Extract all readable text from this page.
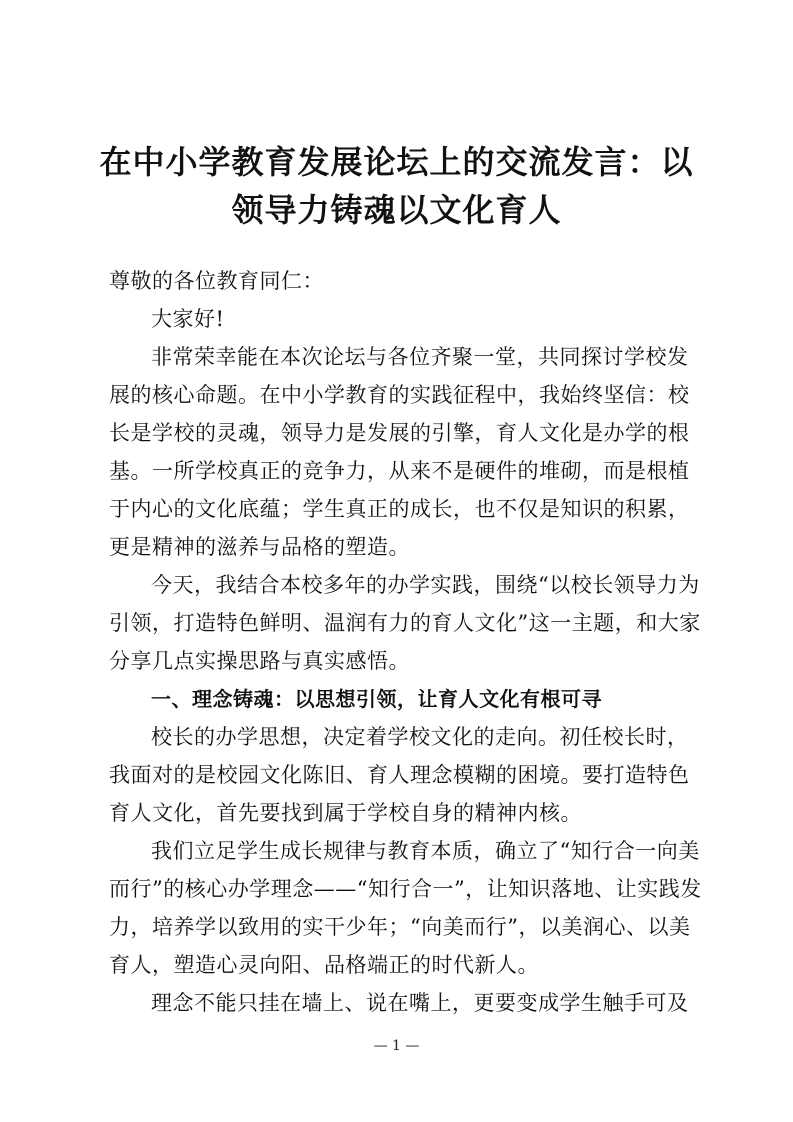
在中小学教育发展论坛上的交流发言：以
领导力铸魂以文化育人
尊敬的各位教育同仁：
大家好!
非常荣幸能在本次论坛与各位齐聚一堂，共同探讨学校发
展的核心命题。在中小学教育的实践征程中，我始终坚信：校
长是学校的灵魂，领导力是发展的引擎，育人文化是办学的根
基。一所学校真正的竞争力，从来不是硬件的堆砌，而是根植
于内心的文化底蕴；学生真正的成长，也不仅是知识的积累，
更是精神的滋养与品格的塑造。
今天，我结合本校多年的办学实践，围绕“以校长领导力为
引领，打造特色鲜明、温润有力的育人文化”这一主题，和大家
分享几点实操思路与真实感悟。
一、理念铸魂：以思想引领，让育人文化有根可寻
校长的办学思想，决定着学校文化的走向。初任校长时，
我面对的是校园文化陈旧、育人理念模糊的困境。要打造特色
育人文化，首先要找到属于学校自身的精神内核。
我们立足学生成长规律与教育本质，确立了“知行合一向美
而行”的核心办学理念——“知行合一”，让知识落地、让实践发
力，培养学以致用的实干少年；“向美而行”，以美润心、以美
育人，塑造心灵向阳、品格端正的时代新人。
理念不能只挂在墙上、说在嘴上，更要变成学生触手可及
— 1 —
